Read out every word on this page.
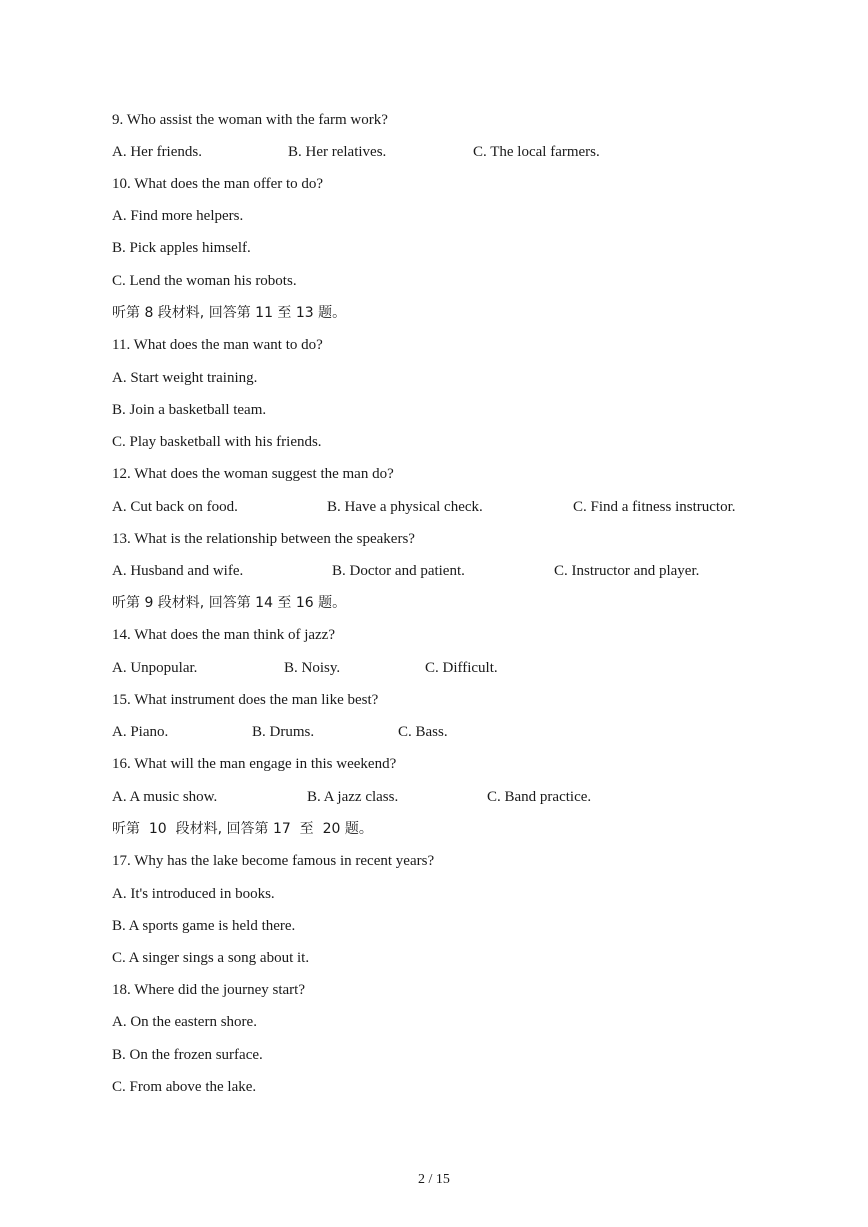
9. Who assist the woman with the farm work?
A. Her friends.	B. Her relatives.	C. The local farmers.
10. What does the man offer to do?
A. Find more helpers.
B. Pick apples himself.
C. Lend the woman his robots.
听第 8 段材料, 回答第 11 至 13 题。
11. What does the man want to do?
A. Start weight training.
B. Join a basketball team.
C. Play basketball with his friends.
12. What does the woman suggest the man do?
A. Cut back on food.	B. Have a physical check.	C. Find a fitness instructor.
13. What is the relationship between the speakers?
A. Husband and wife.	B. Doctor and patient.	C. Instructor and player.
听第 9 段材料, 回答第 14 至 16 题。
14. What does the man think of jazz?
A. Unpopular.	B. Noisy.	C. Difficult.
15. What instrument does the man like best?
A. Piano.	B. Drums.	C. Bass.
16. What will the man engage in this weekend?
A. A music show.	B. A jazz class.	C. Band practice.
听第  10  段材料, 回答第 17  至  20 题。
17. Why has the lake become famous in recent years?
A. It's introduced in books.
B. A sports game is held there.
C. A singer sings a song about it.
18. Where did the journey start?
A. On the eastern shore.
B. On the frozen surface.
C. From above the lake.
2 / 15
